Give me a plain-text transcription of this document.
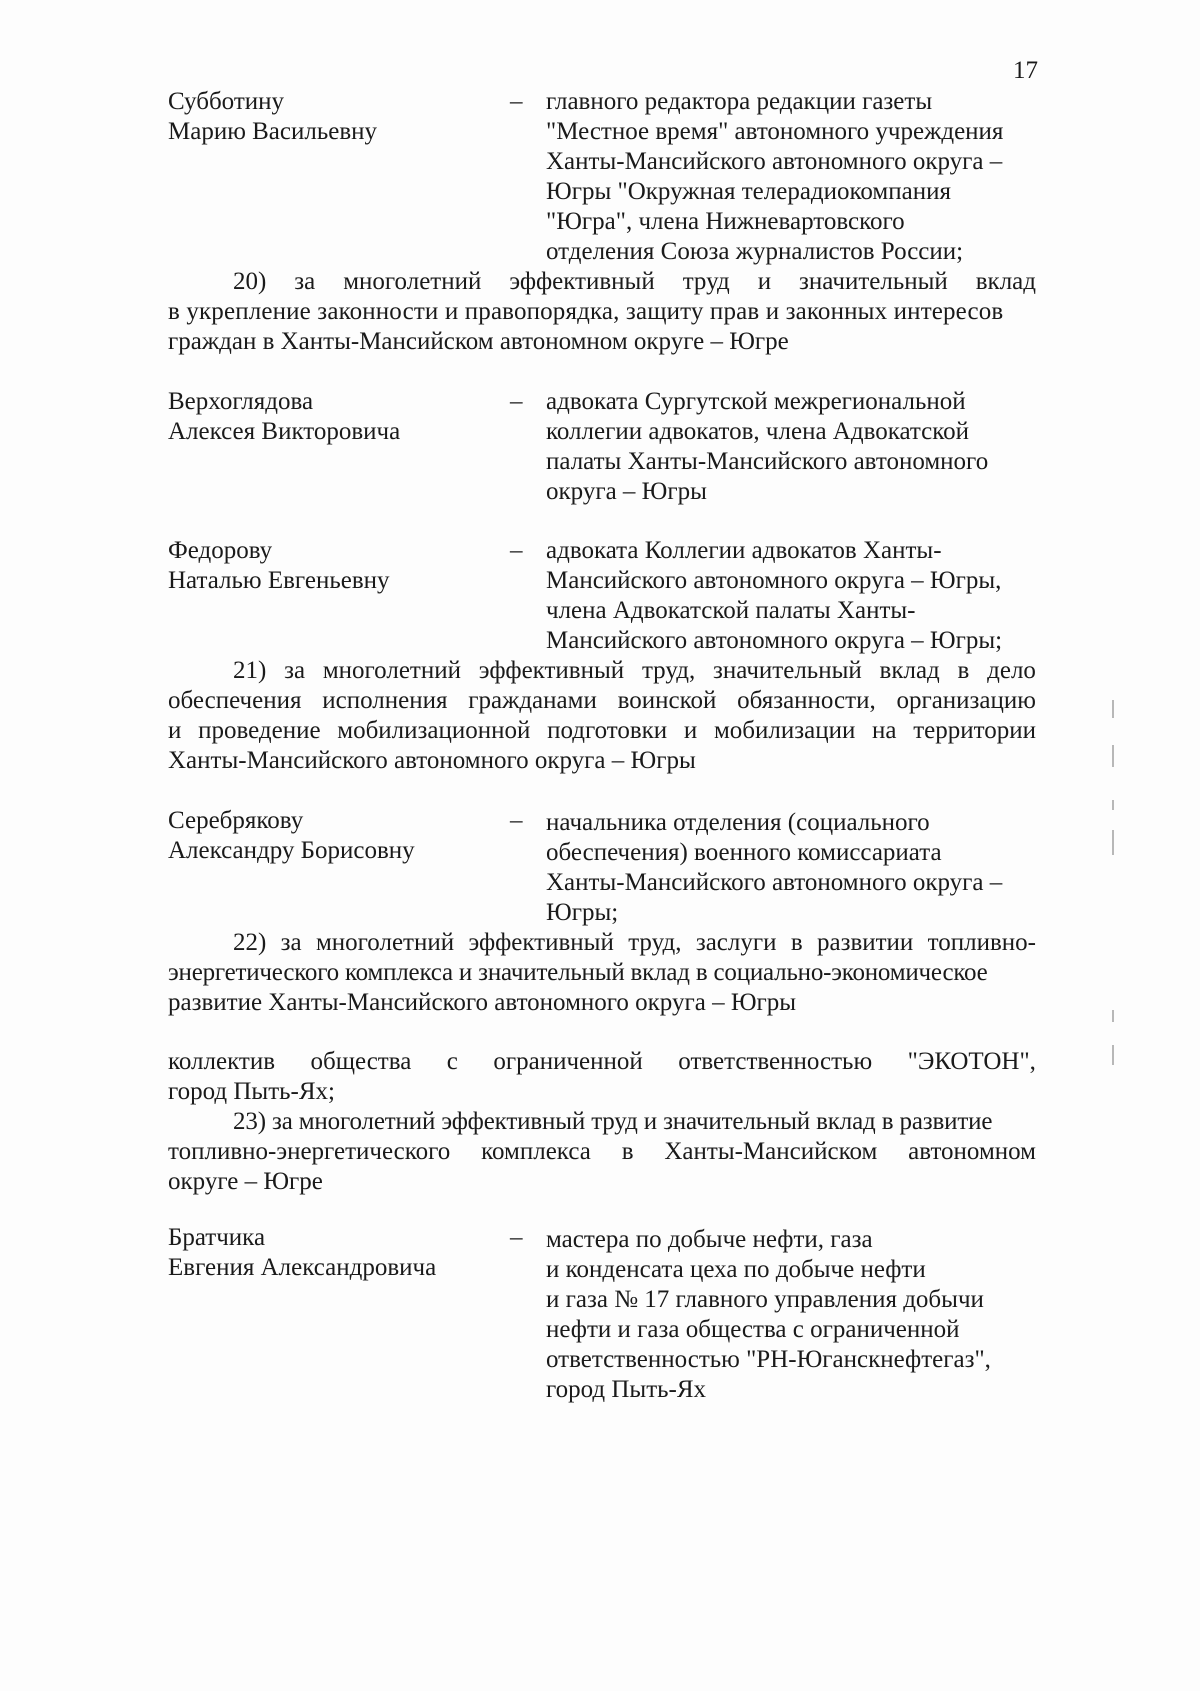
17
Субботину
Марию Васильевну
– главного редактора редакции газеты
"Местное время" автономного учреждения
Ханты-Мансийского автономного округа –
Югры "Окружная телерадиокомпания
"Югра", члена Нижневартовского
отделения Союза журналистов России;
20) за многолетний эффективный труд и значительный вклад
в укрепление законности и правопорядка, защиту прав и законных интересов
граждан в Ханты-Мансийском автономном округе – Югре
Верхоглядова
Алексея Викторовича
– адвоката Сургутской межрегиональной
коллегии адвокатов, члена Адвокатской
палаты Ханты-Мансийского автономного
округа – Югры
Федорову
Наталью Евгеньевну
– адвоката Коллегии адвокатов Ханты-
Мансийского автономного округа – Югры,
члена Адвокатской палаты Ханты-
Мансийского автономного округа – Югры;
21) за многолетний эффективный труд, значительный вклад в дело
обеспечения исполнения гражданами воинской обязанности, организацию
и проведение мобилизационной подготовки и мобилизации на территории
Ханты-Мансийского автономного округа – Югры
Серебрякову
Александру Борисовну
– начальника отделения (социального
обеспечения) военного комиссариата
Ханты-Мансийского автономного округа –
Югры;
22) за многолетний эффективный труд, заслуги в развитии топливно-
энергетического комплекса и значительный вклад в социально-экономическое
развитие Ханты-Мансийского автономного округа – Югры
коллектив общества с ограниченной ответственностью "ЭКОТОН",
город Пыть-Ях;
23) за многолетний эффективный труд и значительный вклад в развитие
топливно-энергетического комплекса в Ханты-Мансийском автономном
округе – Югре
Братчика
Евгения Александровича
– мастера по добыче нефти, газа
и конденсата цеха по добыче нефти
и газа № 17 главного управления добычи
нефти и газа общества с ограниченной
ответственностью "РН-Юганскнефтегаз",
город Пыть-Ях
